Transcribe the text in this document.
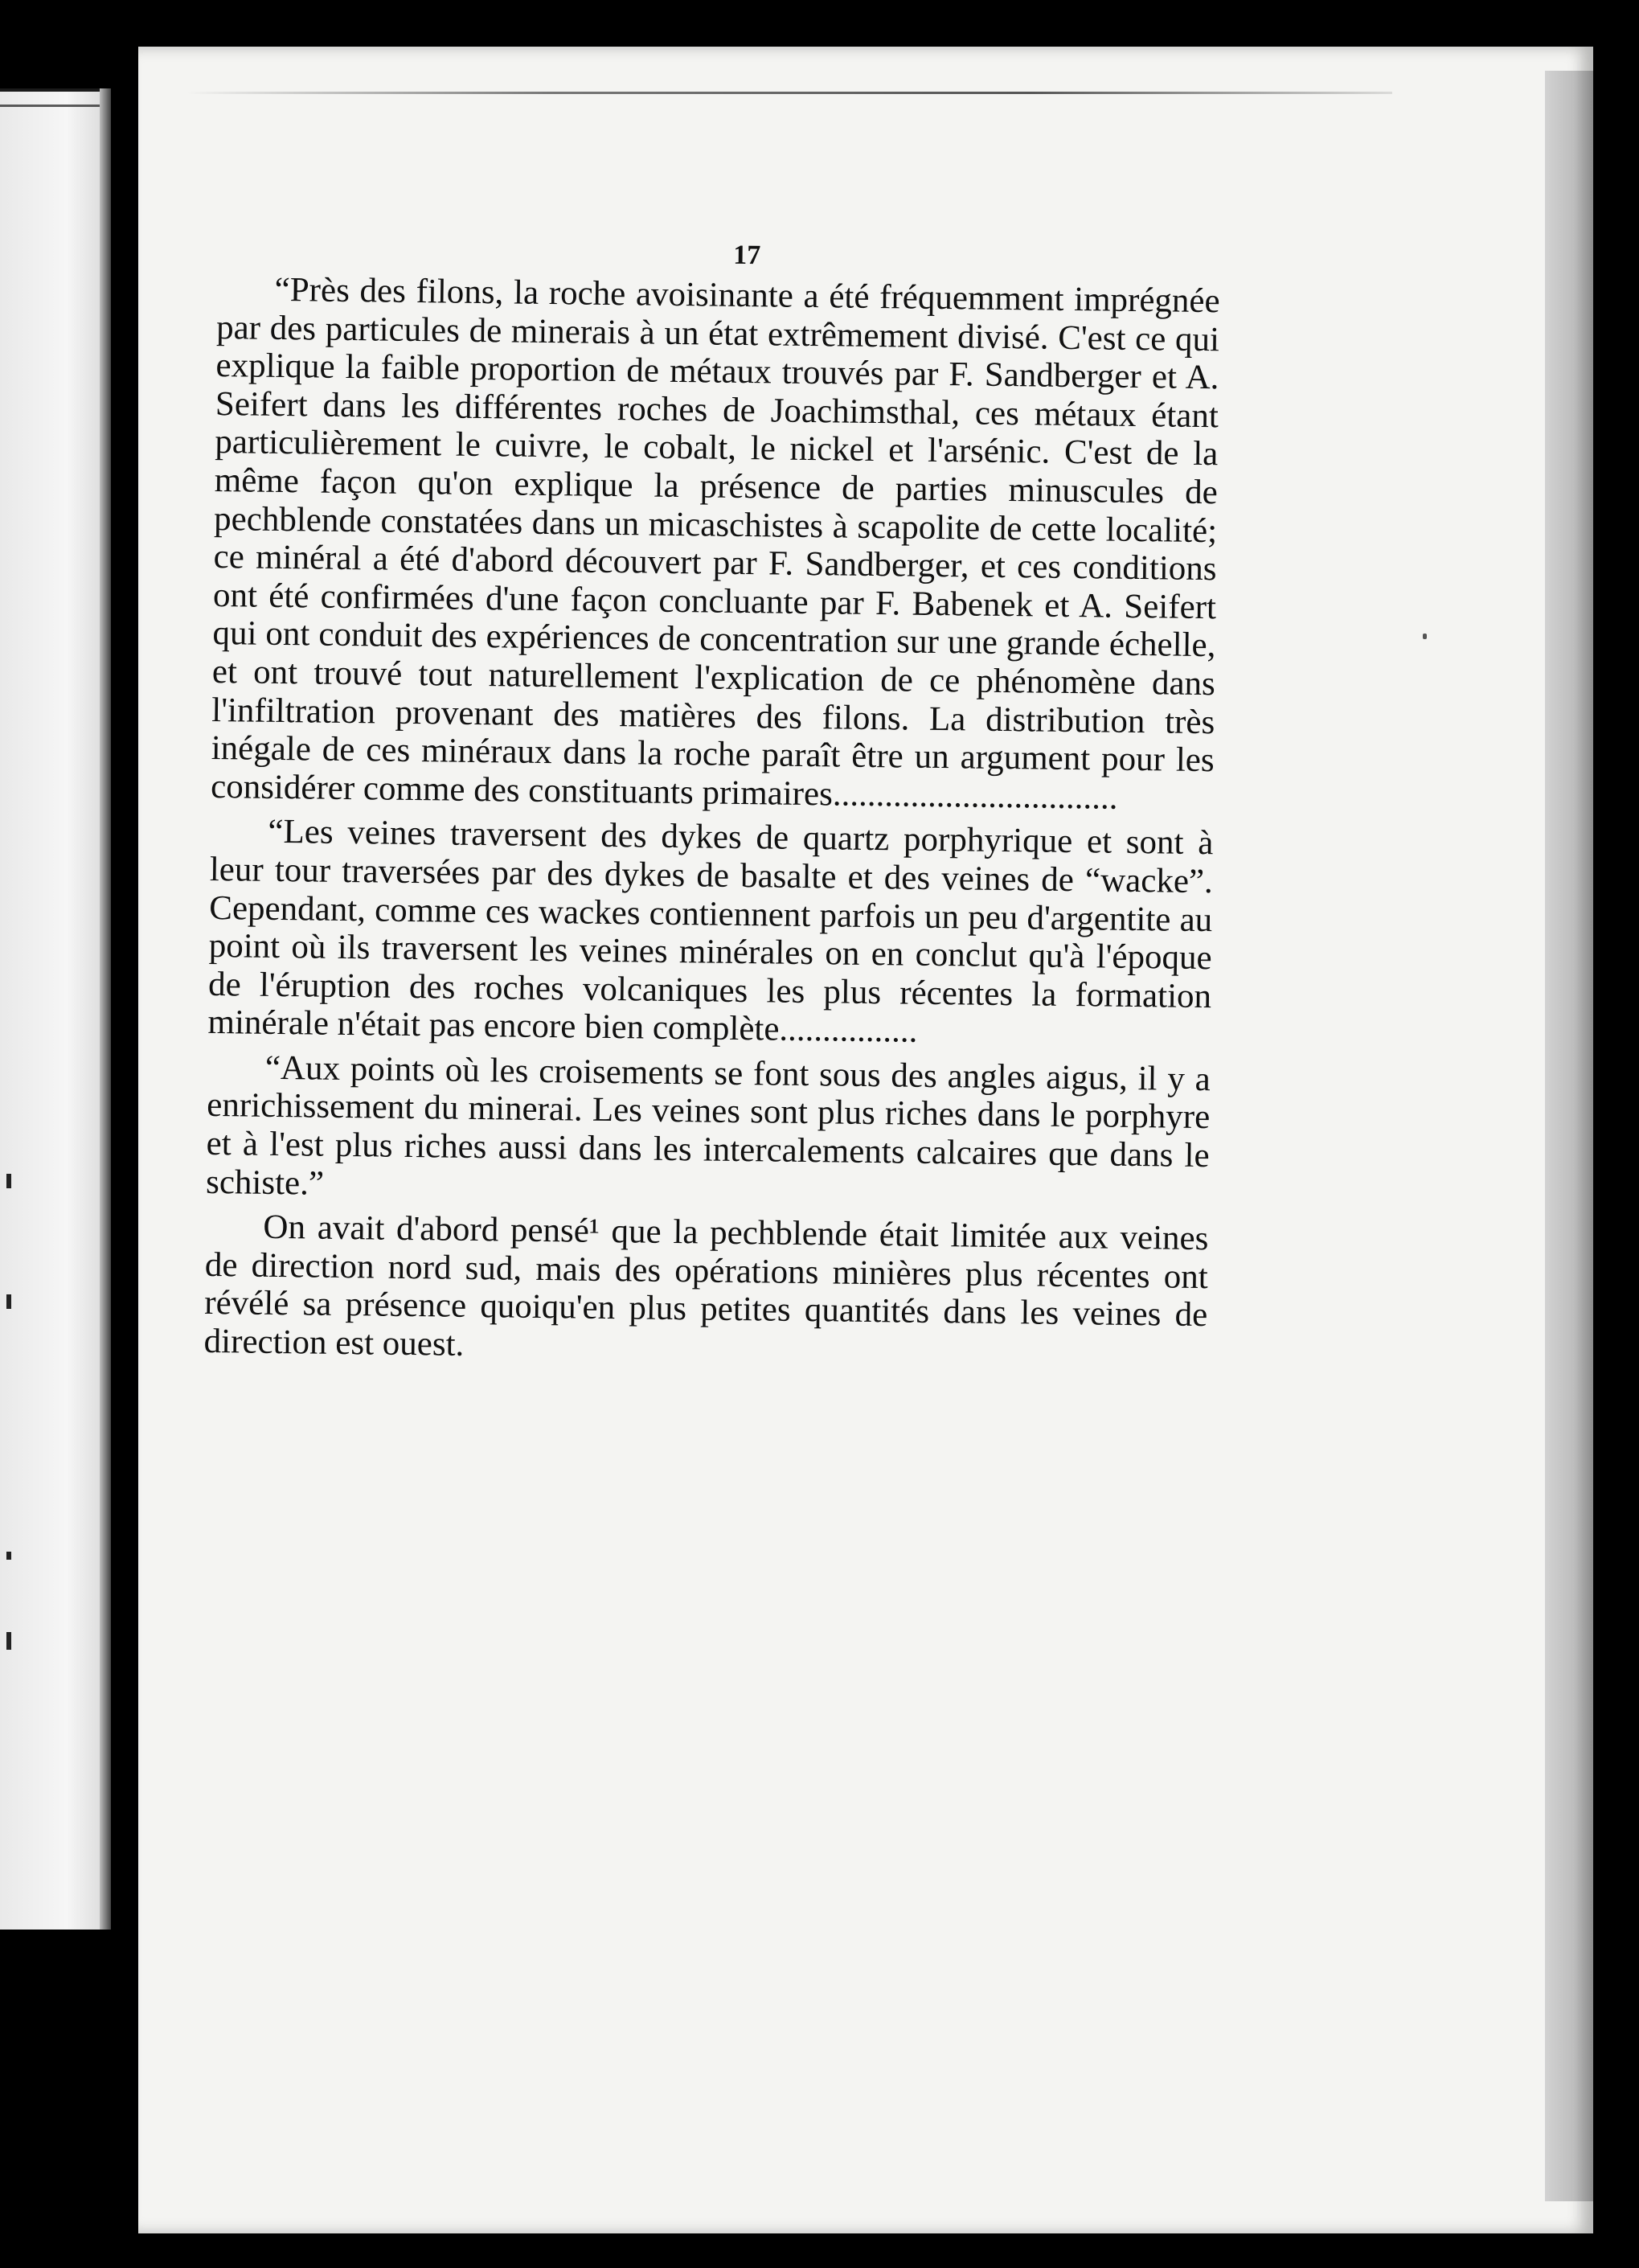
17

“Près des filons, la roche avoisinante a été fréquemment imprégnée par des particules de minerais à un état extrêmement divisé. C'est ce qui explique la faible proportion de métaux trouvés par F. Sandberger et A. Seifert dans les différentes roches de Joachimsthal, ces métaux étant particulièrement le cuivre, le cobalt, le nickel et l'arsénic. C'est de la même façon qu'on explique la présence de parties minuscules de pechblende constatées dans un micaschistes à scapolite de cette localité; ce minéral a été d'abord découvert par F. Sandberger, et ces conditions ont été confirmées d'une façon concluante par F. Babenek et A. Seifert qui ont conduit des expériences de concentration sur une grande échelle, et ont trouvé tout naturellement l'explication de ce phénomène dans l'infiltration provenant des matières des filons. La distribution très inégale de ces minéraux dans la roche paraît être un argument pour les considérer comme des constituants primaires.................................

“Les veines traversent des dykes de quartz porphyrique et sont à leur tour traversées par des dykes de basalte et des veines de “wacke”. Cependant, comme ces wackes contiennent parfois un peu d'argentite au point où ils traversent les veines minérales on en conclut qu'à l'époque de l'éruption des roches volcaniques les plus récentes la formation minérale n'était pas encore bien complète................

“Aux points où les croisements se font sous des angles aigus, il y a enrichissement du minerai. Les veines sont plus riches dans le porphyre et à l'est plus riches aussi dans les intercalements calcaires que dans le schiste.”

On avait d'abord pensé¹ que la pechblende était limitée aux veines de direction nord sud, mais des opérations minières plus récentes ont révélé sa présence quoiqu'en plus petites quantités dans les veines de direction est ouest.
